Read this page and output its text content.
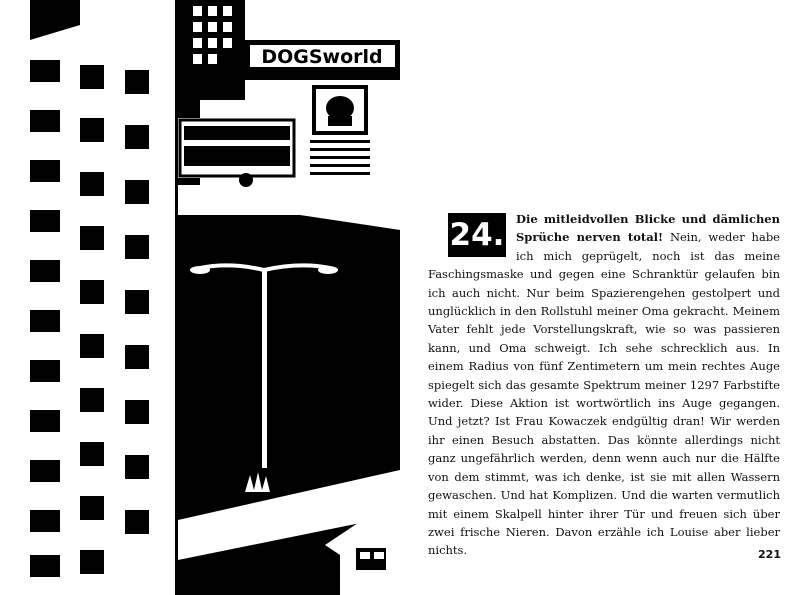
DOGSworld
24.	Die mitleidvollen Blicke und dämlichen Sprüche nerven total! Nein, weder habe ich mich geprügelt, noch ist das meine Faschingsmaske und gegen eine Schranktür gelaufen bin ich auch nicht. Nur beim Spazierengehen gestolpert und unglücklich in den Rollstuhl meiner Oma gekracht. Meinem Vater fehlt jede Vorstellungskraft, wie so was passieren kann, und Oma schweigt. Ich sehe schrecklich aus. In einem Radius von fünf Zentimetern um mein rechtes Auge spiegelt sich das gesamte Spektrum meiner 1297 Farbstifte wider. Diese Aktion ist wortwörtlich ins Auge gegangen. Und jetzt? Ist Frau Kowaczek endgültig dran! Wir werden ihr einen Besuch abstatten. Das könnte allerdings nicht ganz ungefährlich werden, denn wenn auch nur die Hälfte von dem stimmt, was ich denke, ist sie mit allen Wassern gewaschen. Und hat Komplizen. Und die warten vermutlich mit einem Skalpell hinter ihrer Tür und freuen sich über zwei frische Nieren. Davon erzähle ich Louise aber lieber nichts.	221
